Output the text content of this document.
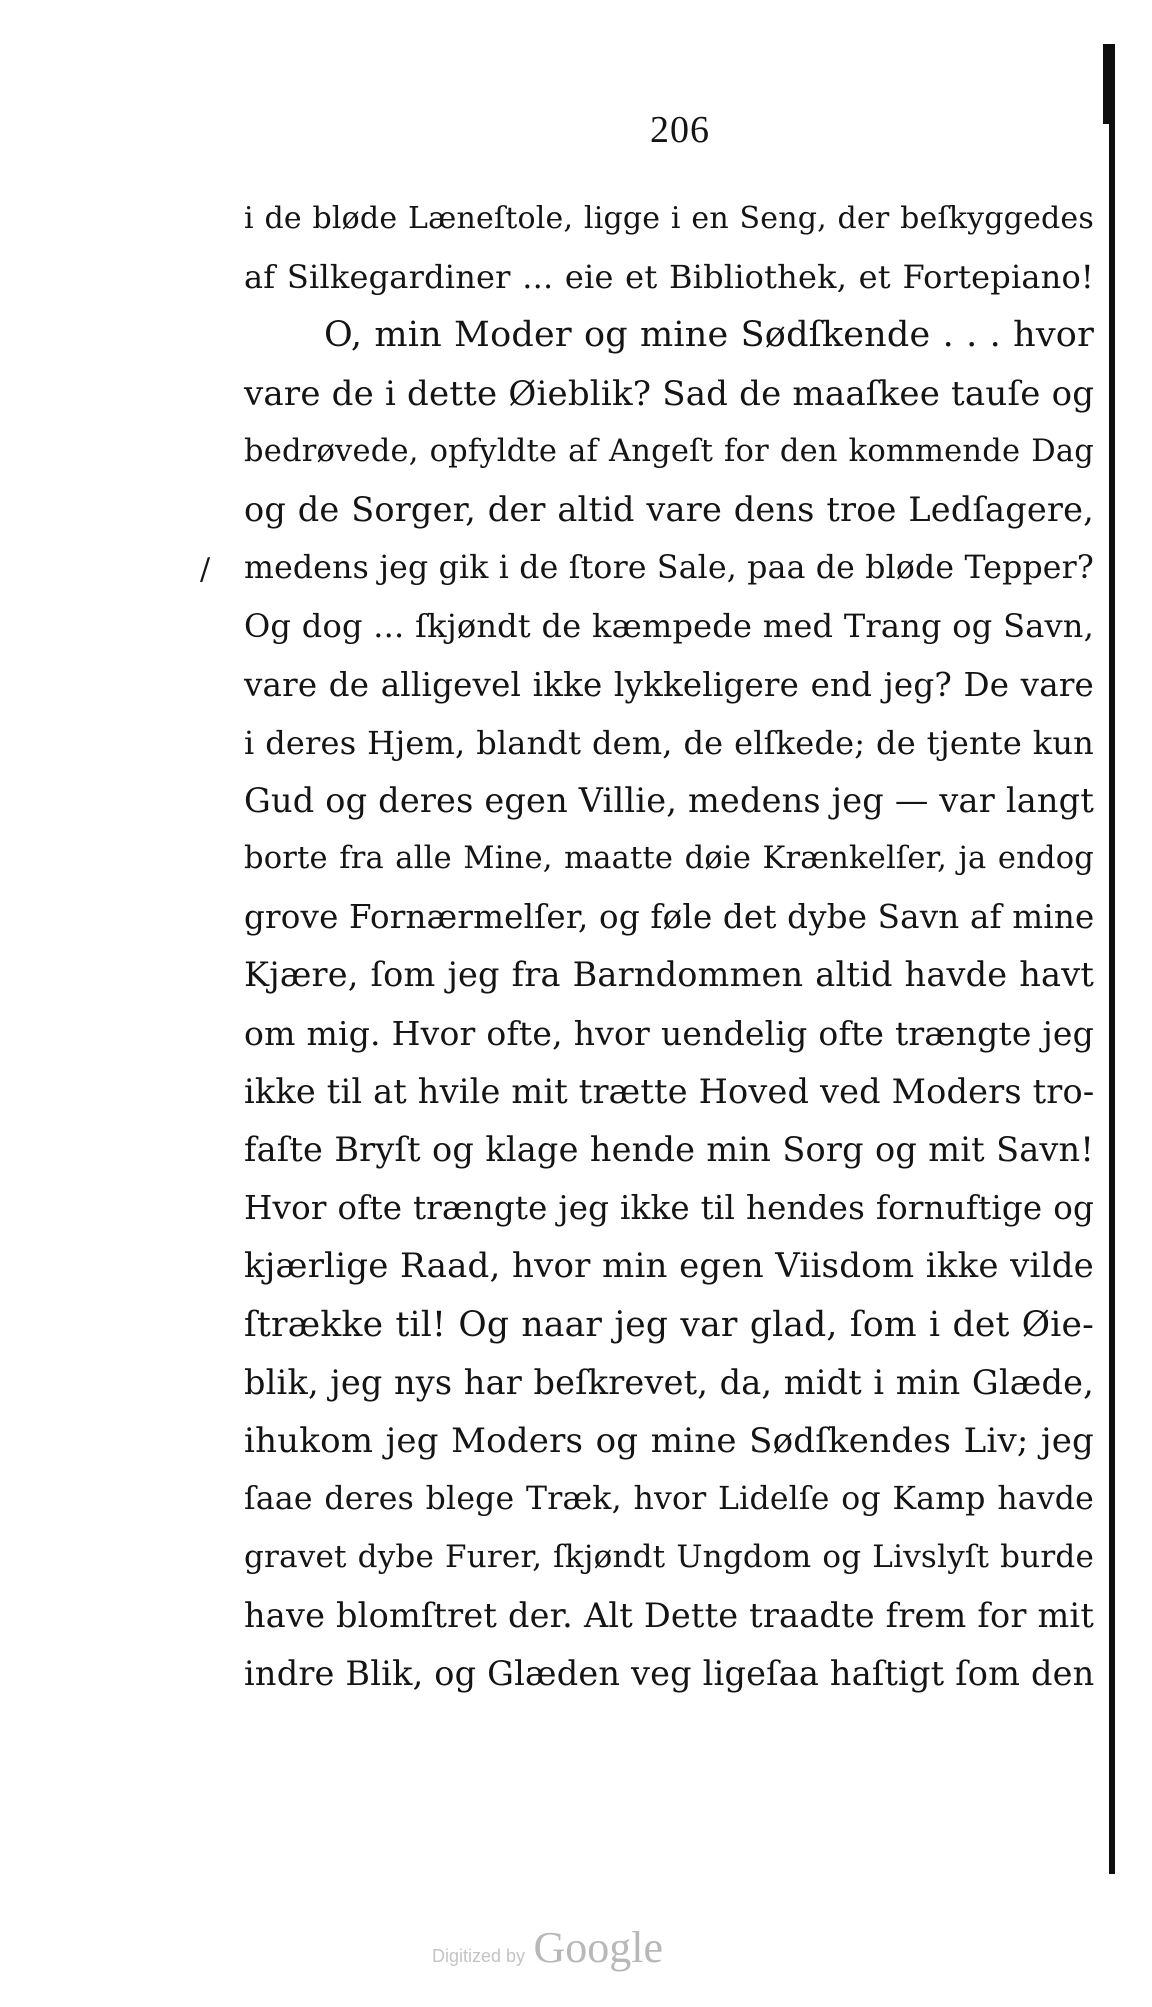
206
/
i de bløde Læneſtole, ligge i en Seng, der beſkyggedes
af Silkegardiner ... eie et Bibliothek, et Fortepiano!
O, min Moder og mine Sødſkende . . . hvor
vare de i dette Øieblik? Sad de maaſkee tauſe og
bedrøvede, opfyldte af Angeſt for den kommende Dag
og de Sorger, der altid vare dens troe Ledſagere,
medens jeg gik i de ſtore Sale, paa de bløde Tepper?
Og dog ... ſkjøndt de kæmpede med Trang og Savn,
vare de alligevel ikke lykkeligere end jeg? De vare
i deres Hjem, blandt dem, de elſkede; de tjente kun
Gud og deres egen Villie, medens jeg — var langt
borte fra alle Mine, maatte døie Krænkelſer, ja endog
grove Fornærmelſer, og føle det dybe Savn af mine
Kjære, ſom jeg fra Barndommen altid havde havt
om mig. Hvor ofte, hvor uendelig ofte trængte jeg
ikke til at hvile mit trætte Hoved ved Moders tro-
faſte Bryſt og klage hende min Sorg og mit Savn!
Hvor ofte trængte jeg ikke til hendes fornuftige og
kjærlige Raad, hvor min egen Viisdom ikke vilde
ſtrække til! Og naar jeg var glad, ſom i det Øie-
blik, jeg nys har beſkrevet, da, midt i min Glæde,
ihukom jeg Moders og mine Sødſkendes Liv; jeg
ſaae deres blege Træk, hvor Lidelſe og Kamp havde
gravet dybe Furer, ſkjøndt Ungdom og Livslyſt burde
have blomſtret der. Alt Dette traadte frem for mit
indre Blik, og Glæden veg ligeſaa haſtigt ſom den
Digitized by Google
